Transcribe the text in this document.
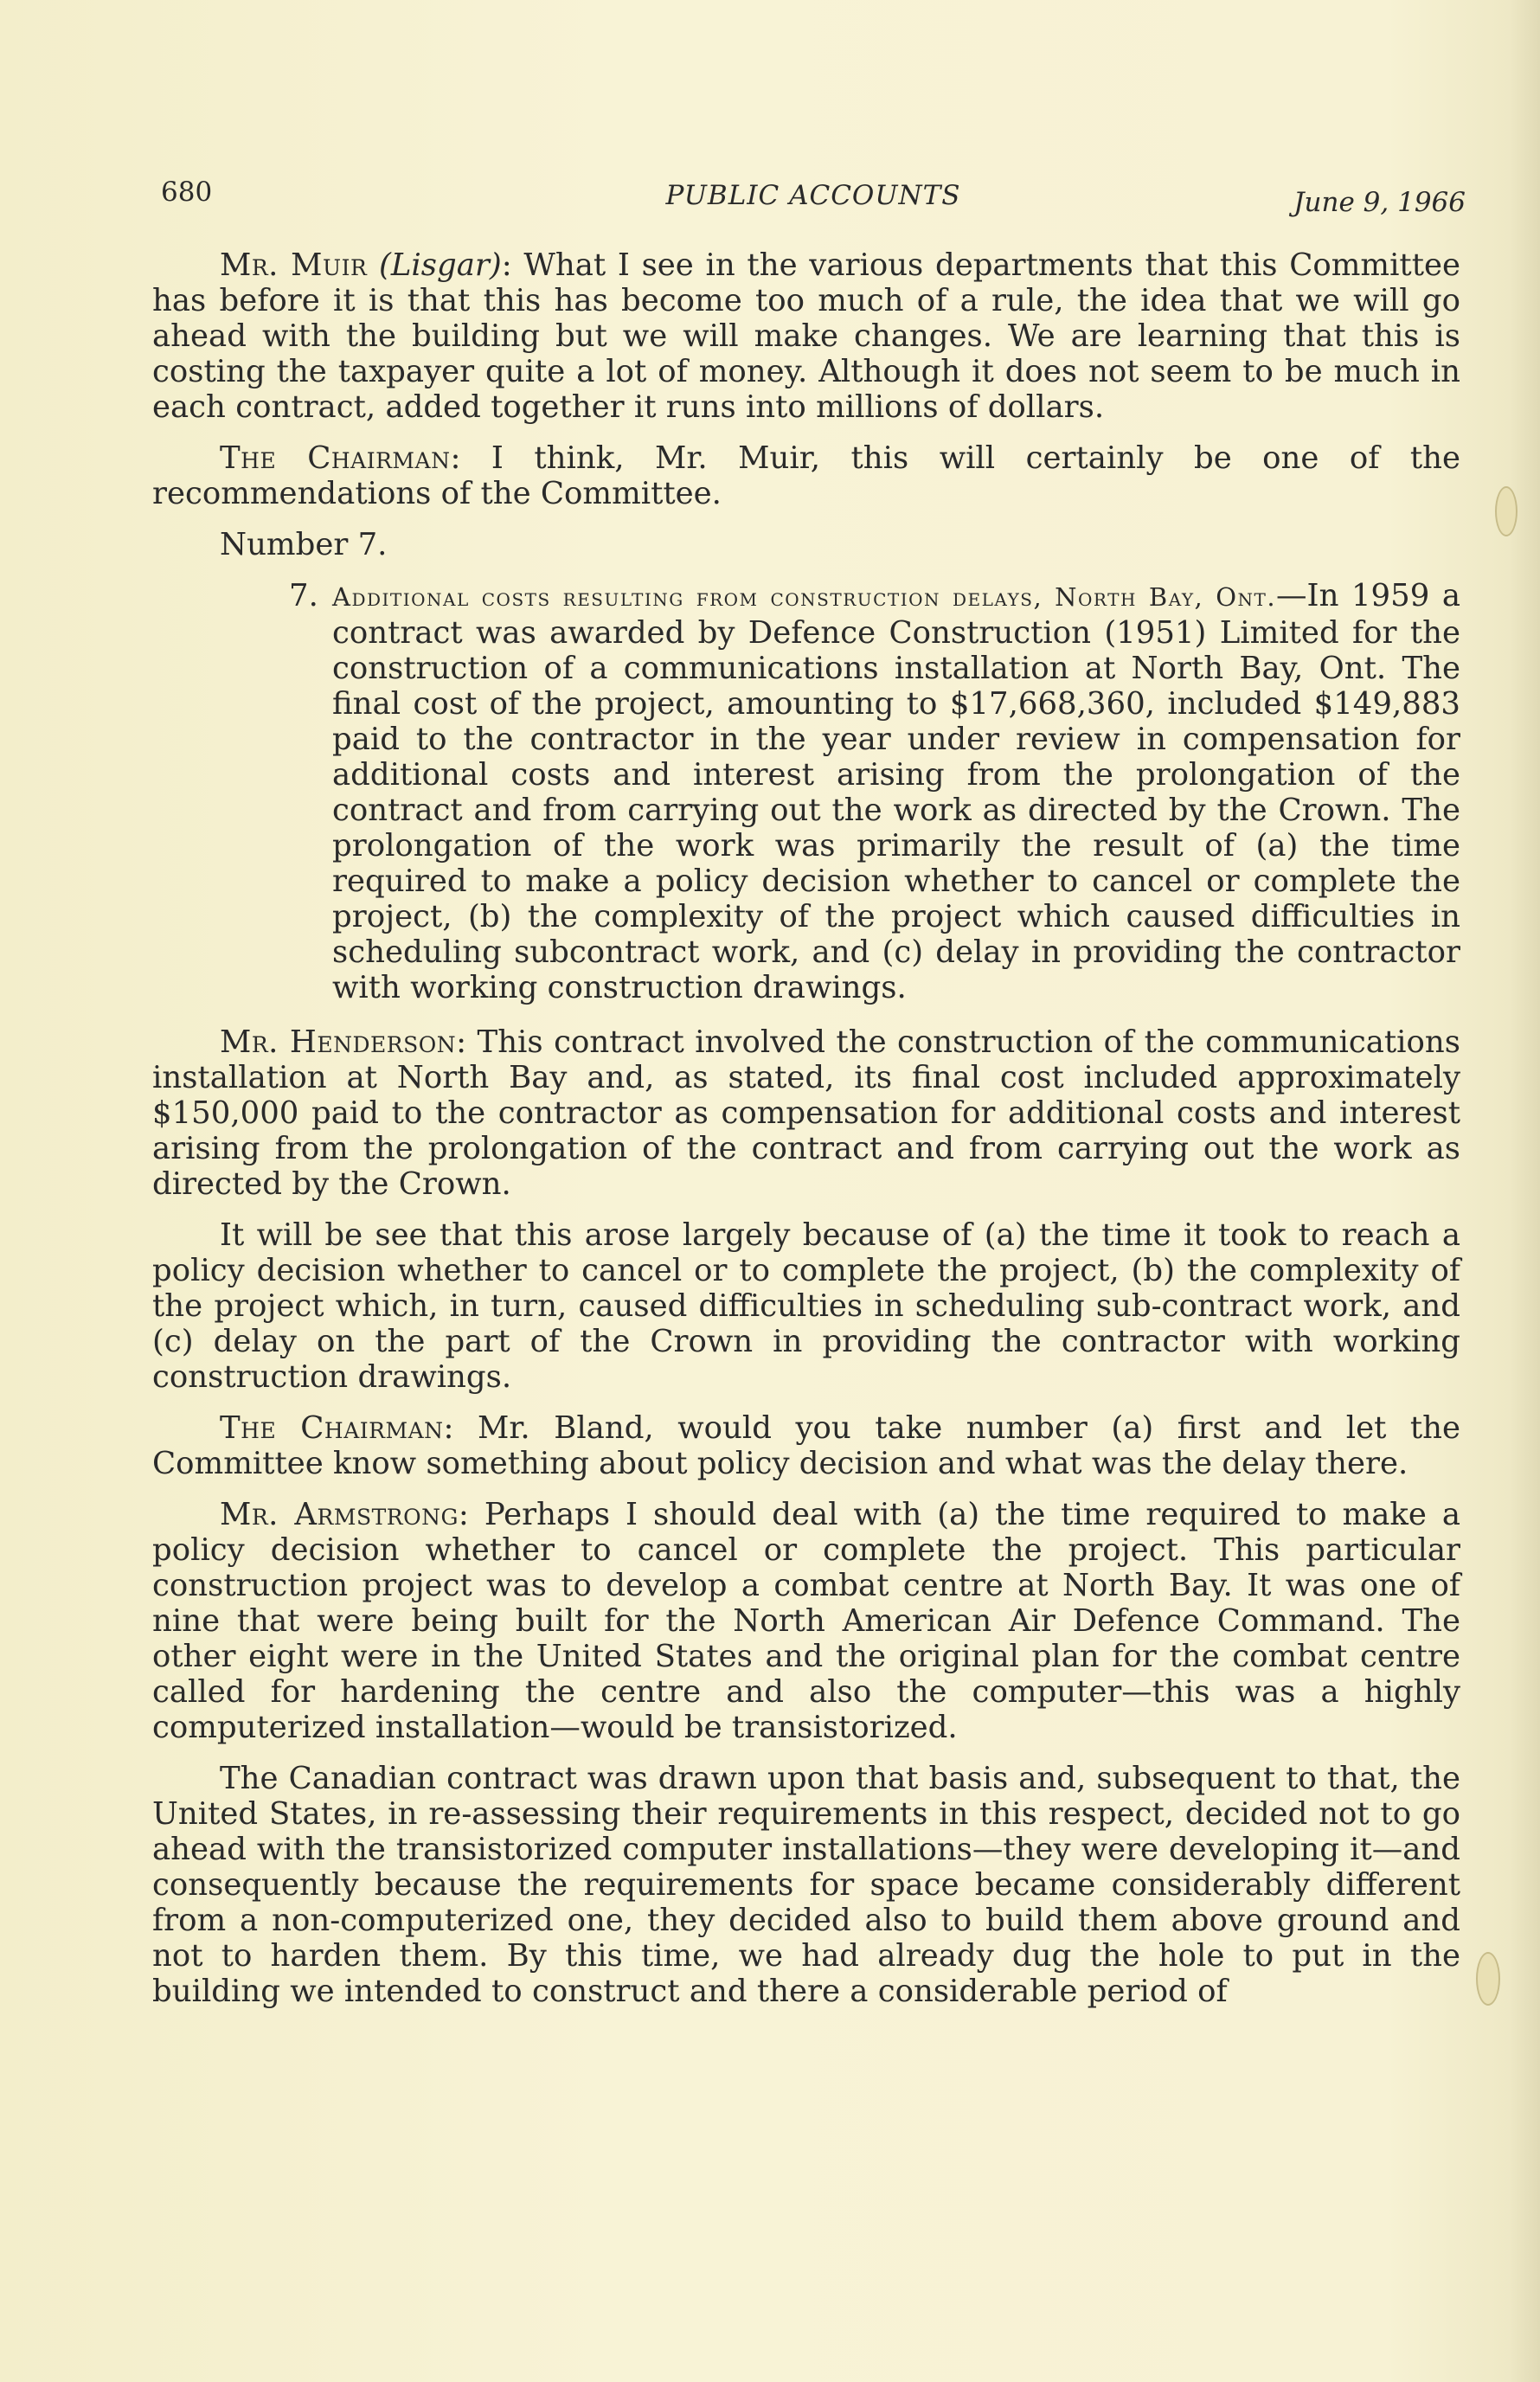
680	PUBLIC ACCOUNTS	June 9, 1966

Mr. Muir (Lisgar): What I see in the various departments that this Committee has before it is that this has become too much of a rule, the idea that we will go ahead with the building but we will make changes. We are learning that this is costing the taxpayer quite a lot of money. Although it does not seem to be much in each contract, added together it runs into millions of dollars.

The Chairman: I think, Mr. Muir, this will certainly be one of the recommendations of the Committee.

Number 7.

7. Additional costs resulting from construction delays, North Bay, Ont.—In 1959 a contract was awarded by Defence Construction (1951) Limited for the construction of a communications installation at North Bay, Ont. The final cost of the project, amounting to $17,668,360, included $149,883 paid to the contractor in the year under review in compensation for additional costs and interest arising from the prolongation of the contract and from carrying out the work as directed by the Crown. The prolongation of the work was primarily the result of (a) the time required to make a policy decision whether to cancel or complete the project, (b) the complexity of the project which caused difficulties in scheduling subcontract work, and (c) delay in providing the contractor with working construction drawings.

Mr. Henderson: This contract involved the construction of the communications installation at North Bay and, as stated, its final cost included approximately $150,000 paid to the contractor as compensation for additional costs and interest arising from the prolongation of the contract and from carrying out the work as directed by the Crown.

It will be see that this arose largely because of (a) the time it took to reach a policy decision whether to cancel or to complete the project, (b) the complexity of the project which, in turn, caused difficulties in scheduling sub-contract work, and (c) delay on the part of the Crown in providing the contractor with working construction drawings.

The Chairman: Mr. Bland, would you take number (a) first and let the Committee know something about policy decision and what was the delay there.

Mr. Armstrong: Perhaps I should deal with (a) the time required to make a policy decision whether to cancel or complete the project. This particular construction project was to develop a combat centre at North Bay. It was one of nine that were being built for the North American Air Defence Command. The other eight were in the United States and the original plan for the combat centre called for hardening the centre and also the computer—this was a highly computerized installation—would be transistorized.

The Canadian contract was drawn upon that basis and, subsequent to that, the United States, in re-assessing their requirements in this respect, decided not to go ahead with the transistorized computer installations—they were developing it—and consequently because the requirements for space became considerably different from a non-computerized one, they decided also to build them above ground and not to harden them. By this time, we had already dug the hole to put in the building we intended to construct and there a considerable period of
